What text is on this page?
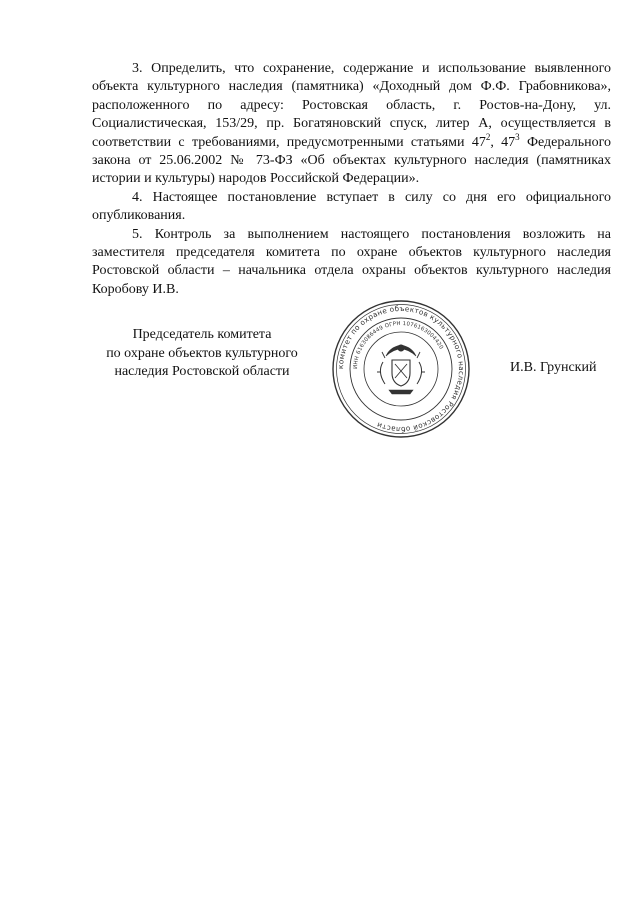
3. Определить, что сохранение, содержание и использование выявленного объекта культурного наследия (памятника) «Доходный дом Ф.Ф. Грабовникова», расположенного по адресу: Ростовская область, г. Ростов-на-Дону, ул. Социалистическая, 153/29, пр. Богатяновский спуск, литер А, осуществляется в соответствии с требованиями, предусмотренными статьями $47^2$, $47^3$ Федерального закона от 25.06.2002 № 73-ФЗ «Об объектах культурного наследия (памятниках истории и культуры) народов Российской Федерации».

4. Настоящее постановление вступает в силу со дня его официального опубликования.

5. Контроль за выполнением настоящего постановления возложить на заместителя председателя комитета по охране объектов культурного наследия Ростовской области – начальника отдела охраны объектов культурного наследия Коробову И.В.

Председатель комитета
по охране объектов культурного
наследия Ростовской области	комитет по охране объектов культурного наследия Ростовской области
ИНН 6163086449 ОГРН 1076163004420
И.В. Грунский
